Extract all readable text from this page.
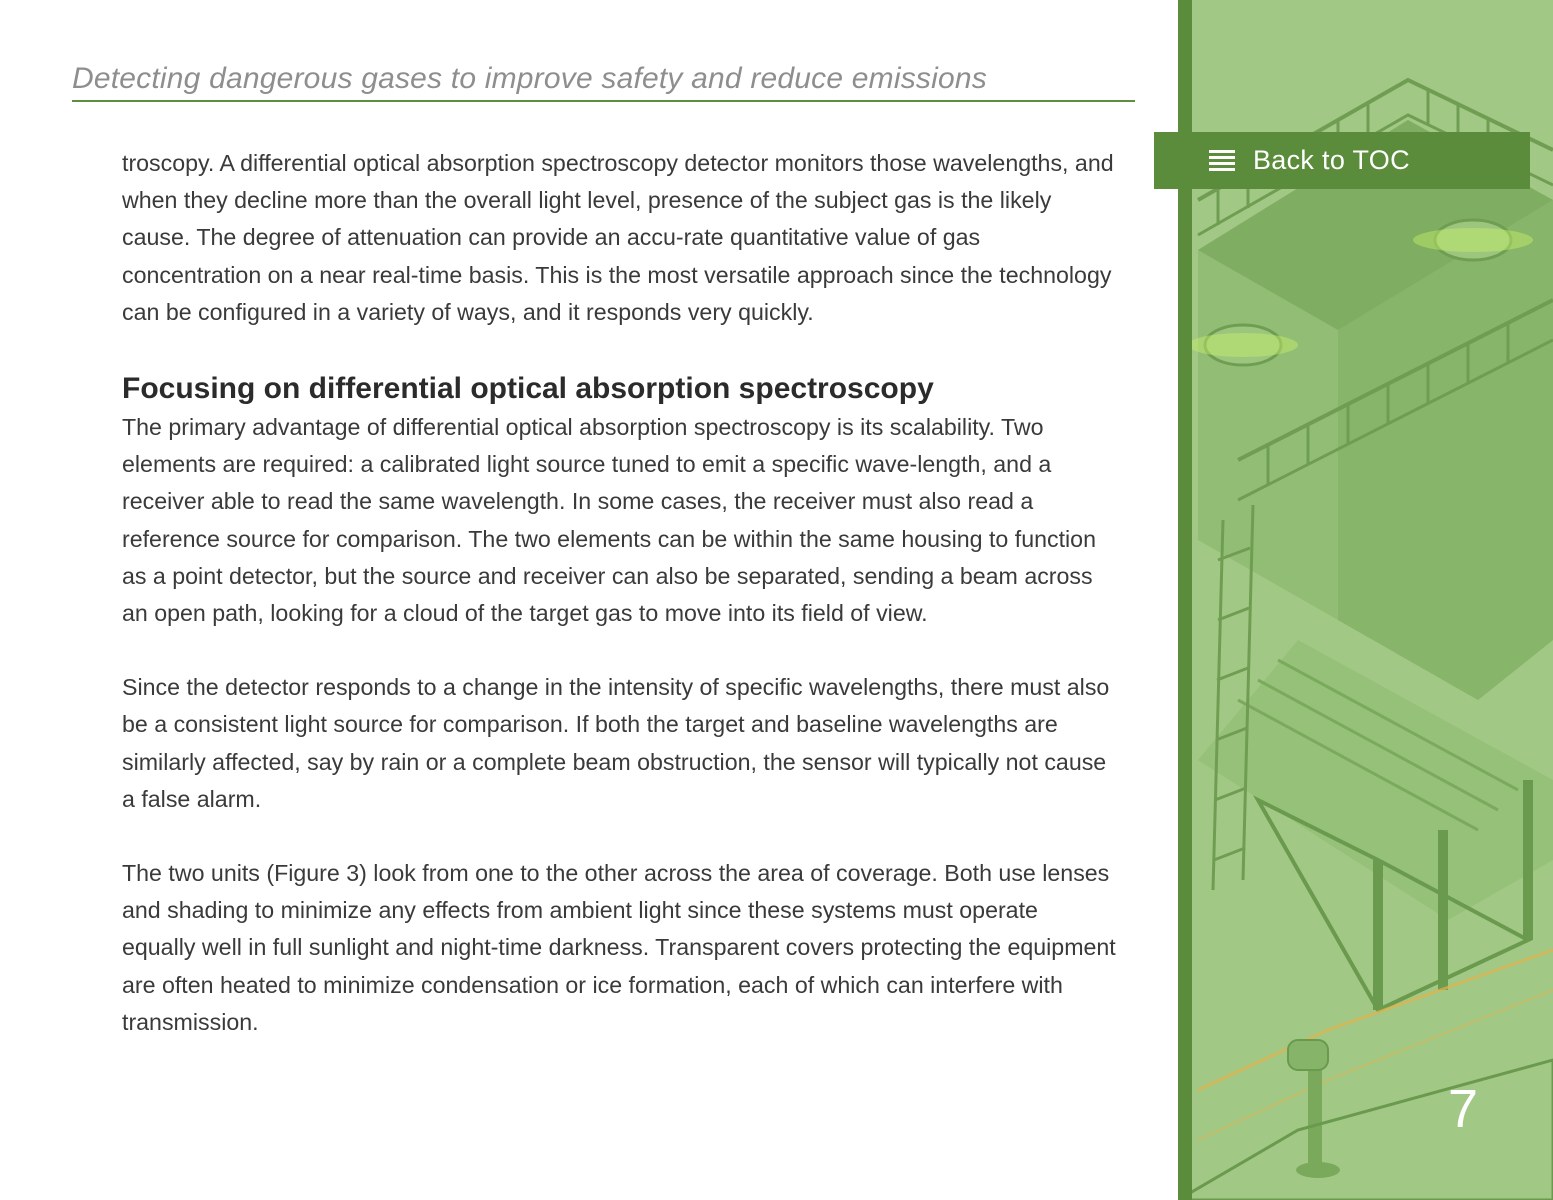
Detecting dangerous gases to improve safety and reduce emissions

troscopy. A differential optical absorption spectroscopy detector monitors those wavelengths, and when they decline more than the overall light level, presence of the subject gas is the likely cause. The degree of attenuation can provide an accu-rate quantitative value of gas concentration on a near real-time basis. This is the most versatile approach since the technology can be configured in a variety of ways, and it responds very quickly.

Focusing on differential optical absorption spectroscopy

The primary advantage of differential optical absorption spectroscopy is its scalability. Two elements are required: a calibrated light source tuned to emit a specific wave-length, and a receiver able to read the same wavelength. In some cases, the receiver must also read a reference source for comparison. The two elements can be within the same housing to function as a point detector, but the source and receiver can also be separated, sending a beam across an open path, looking for a cloud of the target gas to move into its field of view.

Since the detector responds to a change in the intensity of specific wavelengths, there must also be a consistent light source for comparison. If both the target and baseline wavelengths are similarly affected, say by rain or a complete beam obstruction, the sensor will typically not cause a false alarm.

The two units (Figure 3) look from one to the other across the area of coverage. Both use lenses and shading to minimize any effects from ambient light since these systems must operate equally well in full sunlight and night-time darkness. Transparent covers protecting the equipment are often heated to minimize condensation or ice formation, each of which can interfere with transmission.

Back to TOC
7
